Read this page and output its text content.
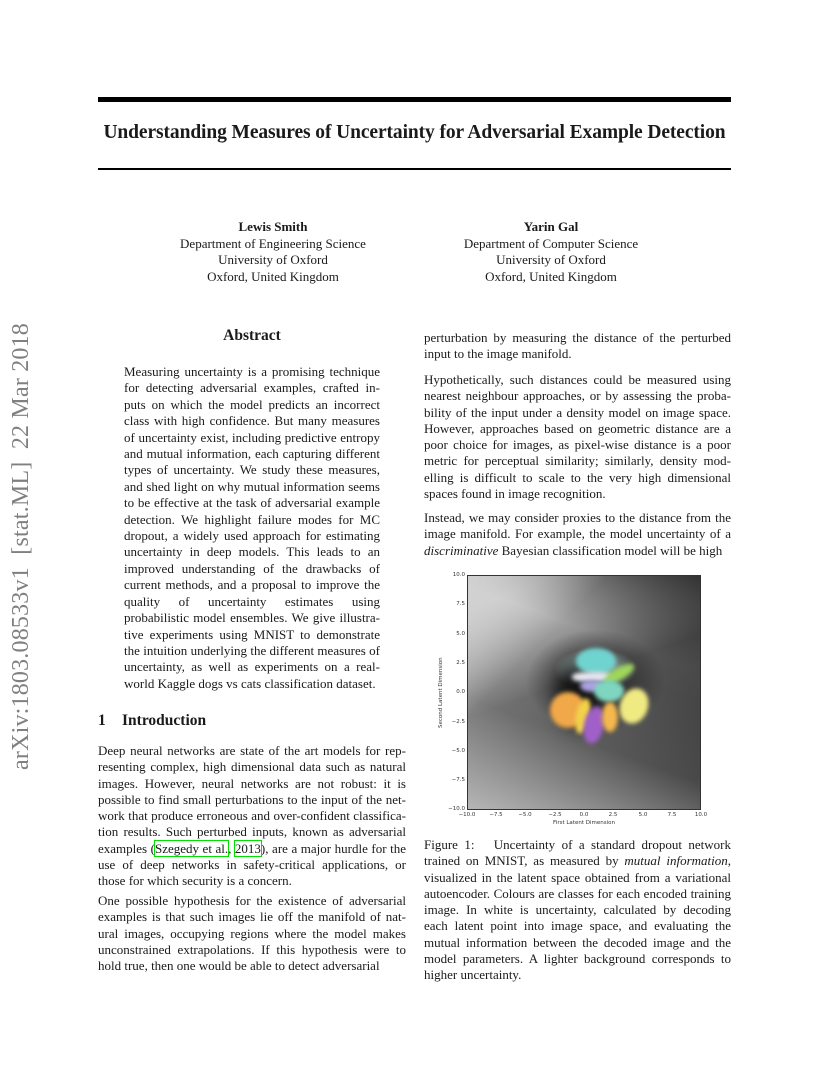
Understanding Measures of Uncertainty for Adversarial Example Detection
Lewis Smith
Department of Engineering Science
University of Oxford
Oxford, United Kingdom
Yarin Gal
Department of Computer Science
University of Oxford
Oxford, United Kingdom
arXiv:1803.08533v1  [stat.ML]  22 Mar 2018	Abstract

Measuring uncertainty is a promising technique for detecting adversarial examples, crafted inputs on which the model predicts an incorrect class with high confidence. But many measures of uncertainty exist, including predictive entropy and mutual information, each capturing different types of uncertainty. We study these measures, and shed light on why mutual information seems to be effective at the task of adversarial example detection. We highlight failure modes for MC dropout, a widely used approach for estimating uncertainty in deep models. This leads to an improved understanding of the drawbacks of current methods, and a proposal to improve the quality of uncertainty estimates using probabilistic model ensembles. We give illustrative experiments using MNIST to demonstrate the intuition underlying the different measures of uncertainty, as well as experiments on a realworld Kaggle dogs vs cats classification dataset.

1 Introduction

Deep neural networks are state of the art models for representing complex, high dimensional data such as natural images. However, neural networks are not robust: it is possible to find small perturbations to the input of the network that produce erroneous and over-confident classification results. Such perturbed inputs, known as adversarial examples (Szegedy et al., 2013), are a major hurdle for the use of deep networks in safety-critical applications, or those for which security is a concern.

One possible hypothesis for the existence of adversarial examples is that such images lie off the manifold of natural images, occupying regions where the model makes unconstrained extrapolations. If this hypothesis were to hold true, then one would be able to detect adversarial

perturbation by measuring the distance of the perturbed input to the image manifold.

Hypothetically, such distances could be measured using nearest neighbour approaches, or by assessing the probability of the input under a density model on image space. However, approaches based on geometric distance are a poor choice for images, as pixel-wise distance is a poor metric for perceptual similarity; similarly, density modelling is difficult to scale to the very high dimensional spaces found in image recognition.

Instead, we may consider proxies to the distance from the image manifold. For example, the model uncertainty of a discriminative Bayesian classification model will be high

Second Latent Dimension
10.0
7.5
5.0
2.5
0.0
−2.5
−5.0
−7.5
−10.0
−10.0	−7.5	−5.0	−2.5	0.0	2.5	5.0	7.5	10.0
First Latent Dimension

Figure 1: Uncertainty of a standard dropout network trained on MNIST, as measured by mutual information, visualized in the latent space obtained from a variational autoencoder. Colours are classes for each encoded training image. In white is uncertainty, calculated by decoding each latent point into image space, and evaluating the mutual information between the decoded image and the model parameters. A lighter background corresponds to higher uncertainty.
